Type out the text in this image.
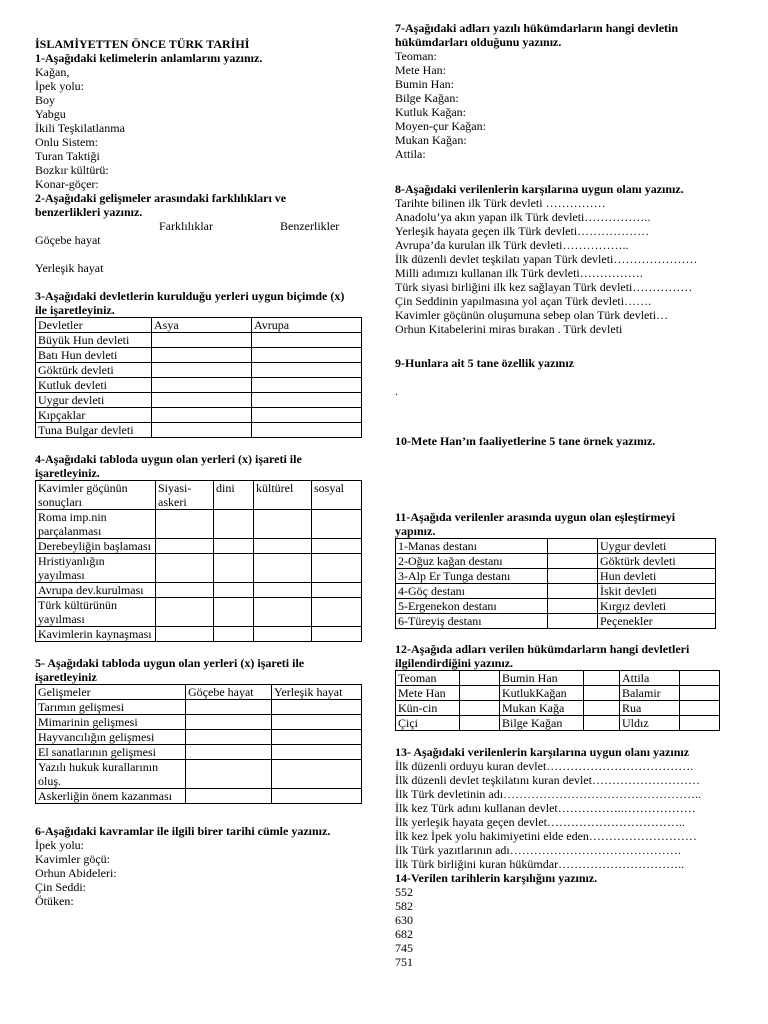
İSLAMİYETTEN ÖNCE TÜRK TARİHİ
1-Aşağıdaki kelimelerin anlamlarını yazınız.
Kağan,
İpek yolu:
Boy
Yabgu
İkili Teşkilatlanma
Onlu Sistem:
Turan Taktiği
Bozkır kültürü:
Konar-göçer:
2-Aşağıdaki gelişmeler arasındaki farklılıkları ve
benzerlikleri yazınız.
Farklılıklar	Benzerlikler
Göçebe hayat
Yerleşik hayat
3-Aşağıdaki devletlerin kurulduğu yerleri uygun biçimde (x)
ile işaretleyiniz.
Devletler	Asya	Avrupa
Büyük Hun devleti		
Batı Hun devleti		
Göktürk devleti		
Kutluk devleti		
Uygur devleti		
Kıpçaklar		
Tuna Bulgar devleti		
4-Aşağıdaki tabloda uygun olan yerleri (x) işareti ile
işaretleyiniz.
Kavimler göçünün sonuçları	Siyasi-askeri	dini	kültürel	sosyal
Roma imp.nin parçalanması				
Derebeyliğin başlaması				
Hristiyanlığın yayılması				
Avrupa dev.kurulması				
Türk kültürünün yayılması				
Kavimlerin kaynaşması				
5- Aşağıdaki tabloda uygun olan yerleri (x) işareti ile
işaretleyiniz
Gelişmeler	Göçebe hayat	Yerleşik hayat
Tarımın gelişmesi		
Mimarinin gelişmesi		
Hayvancılığın gelişmesi		
El sanatlarının gelişmesi		
Yazılı hukuk kurallarının oluş.		
Askerliğin önem kazanması		
6-Aşağıdaki kavramlar ile ilgili birer tarihi cümle yazınız.
İpek yolu:
Kavimler göçü:
Orhun Abideleri:
Çin Seddi:
Ötüken:
7-Aşağıdaki adları yazılı hükümdarların hangi devletin
hükümdarları olduğunu yazınız.
Teoman:
Mete Han:
Bumin Han:
Bilge Kağan:
Kutluk Kağan:
Moyen-çur Kağan:
Mukan Kağan:
Attila:
8-Aşağıdaki verilenlerin karşılarına uygun olanı yazınız.
Tarihte bilinen ilk Türk devleti ……………
Anadolu’ya akın yapan ilk Türk devleti……………..
Yerleşik hayata geçen ilk Türk devleti………………
Avrupa’da kurulan ilk Türk devleti……………..
İlk düzenli devlet teşkilatı yapan Türk devleti…………………
Milli adımızı kullanan ilk Türk devleti…………….
Türk siyasi birliğini ilk kez sağlayan Türk devleti……………
Çin Seddinin yapılmasına yol açan Türk devleti…….
Kavimler göçünün oluşumuna sebep olan Türk devleti…
Orhun Kitabelerini miras bırakan . Türk devleti
9-Hunlara ait 5 tane özellik yazınız
.
10-Mete Han’ın faaliyetlerine 5 tane örnek yazınız.
11-Aşağıda verilenler arasında uygun olan eşleştirmeyi
yapınız.
1-Manas destanı		Uygur devleti
2-Oğuz kağan destanı		Göktürk devleti
3-Alp Er Tunga destanı		Hun devleti
4-Göç destanı		İskit devleti
5-Ergenekon destanı		Kırgız devleti
6-Türeyiş destanı		Peçenekler
12-Aşağıda adları verilen hükümdarların hangi devletleri
ilgilendirdiğini yazınız.
Teoman		Bumin Han		Attila	
Mete Han		KutlukKağan		Balamir	
Kün-cin		Mukan Kağa		Rua	
Çiçi		Bilge Kağan		Uldız	
13- Aşağıdaki verilenlerin karşılarına uygun olanı yazınız
İlk düzenli orduyu kuran devlet……………………………….
İlk düzenli devlet teşkilatını kuran devlet………………………
İlk Türk devletinin adı…………………………………………..
İlk kez Türk adını kullanan devlet……………..………………
İlk yerleşik hayata geçen devlet……………………………..
İlk kez İpek yolu hakimiyetini elde eden………………………
İlk Türk yazıtlarının adı…………………………………….
İlk Türk birliğini kuran hükümdar…………………………..
14-Verilen tarihlerin karşılığını yazınız.
552
582
630
682
745
751
